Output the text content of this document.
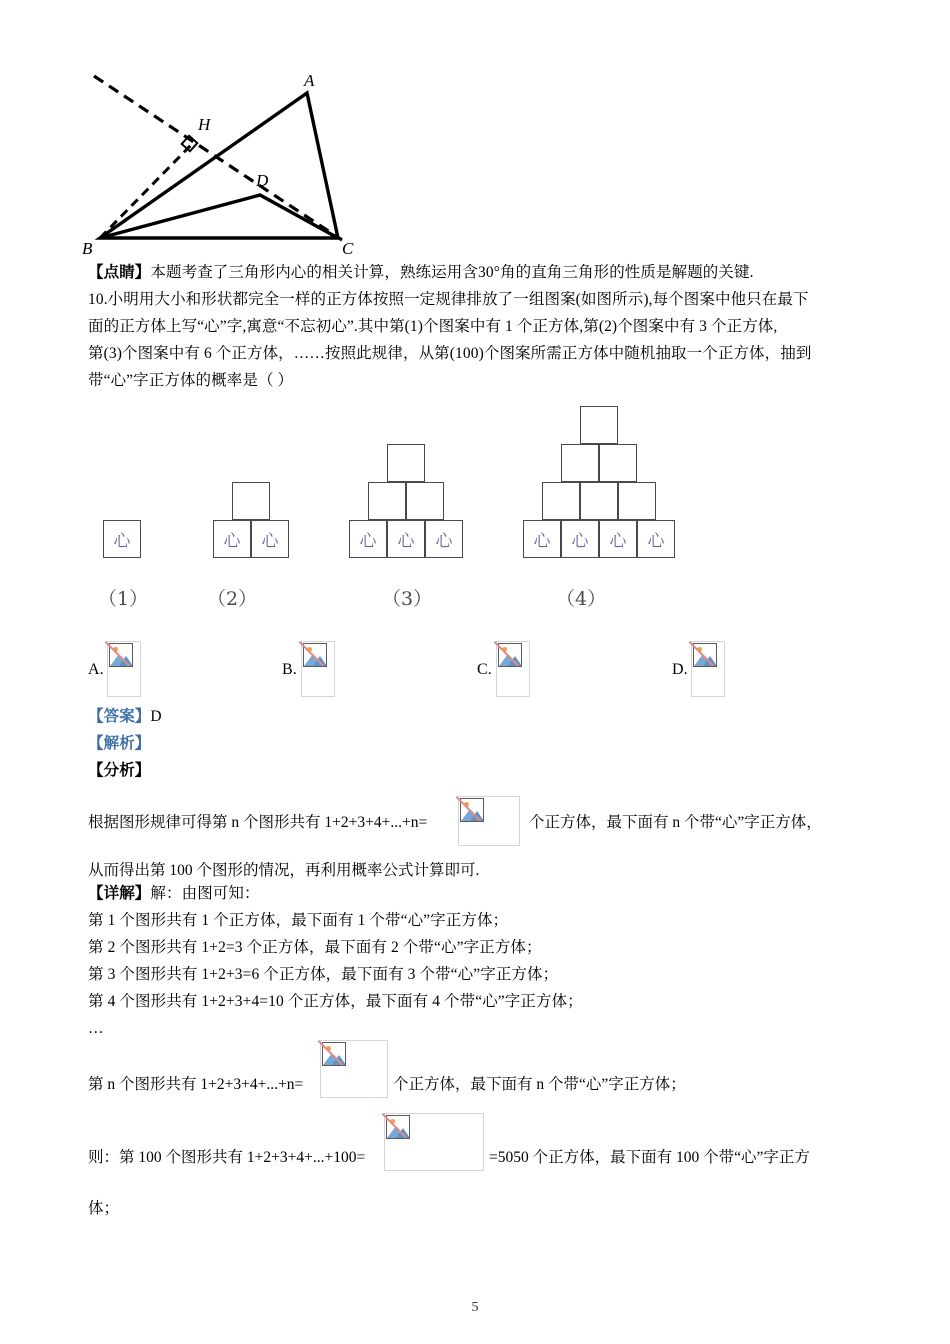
A
H
D
B	C
【点睛】本题考查了三角形内心的相关计算，熟练运用含30°角的直角三角形的性质是解题的关键.
10.小明用大小和形状都完全一样的正方体按照一定规律排放了一组图案(如图所示),每个图案中他只在最下
面的正方体上写“心”字,寓意“不忘初心”.其中第(1)个图案中有 1 个正方体,第(2)个图案中有 3 个正方体,
第(3)个图案中有 6 个正方体，……按照此规律，从第(100)个图案所需正方体中随机抽取一个正方体，抽到
带“心”字正方体的概率是（ ）
心	心	心	心	心	心	心	心	心	心
（1）	（2）	（3）	（4）
A.	B.	C.	D.
【答案】D
【解析】
【分析】
根据图形规律可得第 n 个图形共有 1+2+3+4+...+n=	个正方体，最下面有 n 个带“心”字正方体，
从而得出第 100 个图形的情况，再利用概率公式计算即可.
【详解】解：由图可知：
第 1 个图形共有 1 个正方体，最下面有 1 个带“心”字正方体；
第 2 个图形共有 1+2=3 个正方体，最下面有 2 个带“心”字正方体；
第 3 个图形共有 1+2+3=6 个正方体，最下面有 3 个带“心”字正方体；
第 4 个图形共有 1+2+3+4=10 个正方体，最下面有 4 个带“心”字正方体；
…
第 n 个图形共有 1+2+3+4+...+n=	个正方体，最下面有 n 个带“心”字正方体；
则：第 100 个图形共有 1+2+3+4+...+100=	=5050 个正方体，最下面有 100 个带“心”字正方
体；
5
